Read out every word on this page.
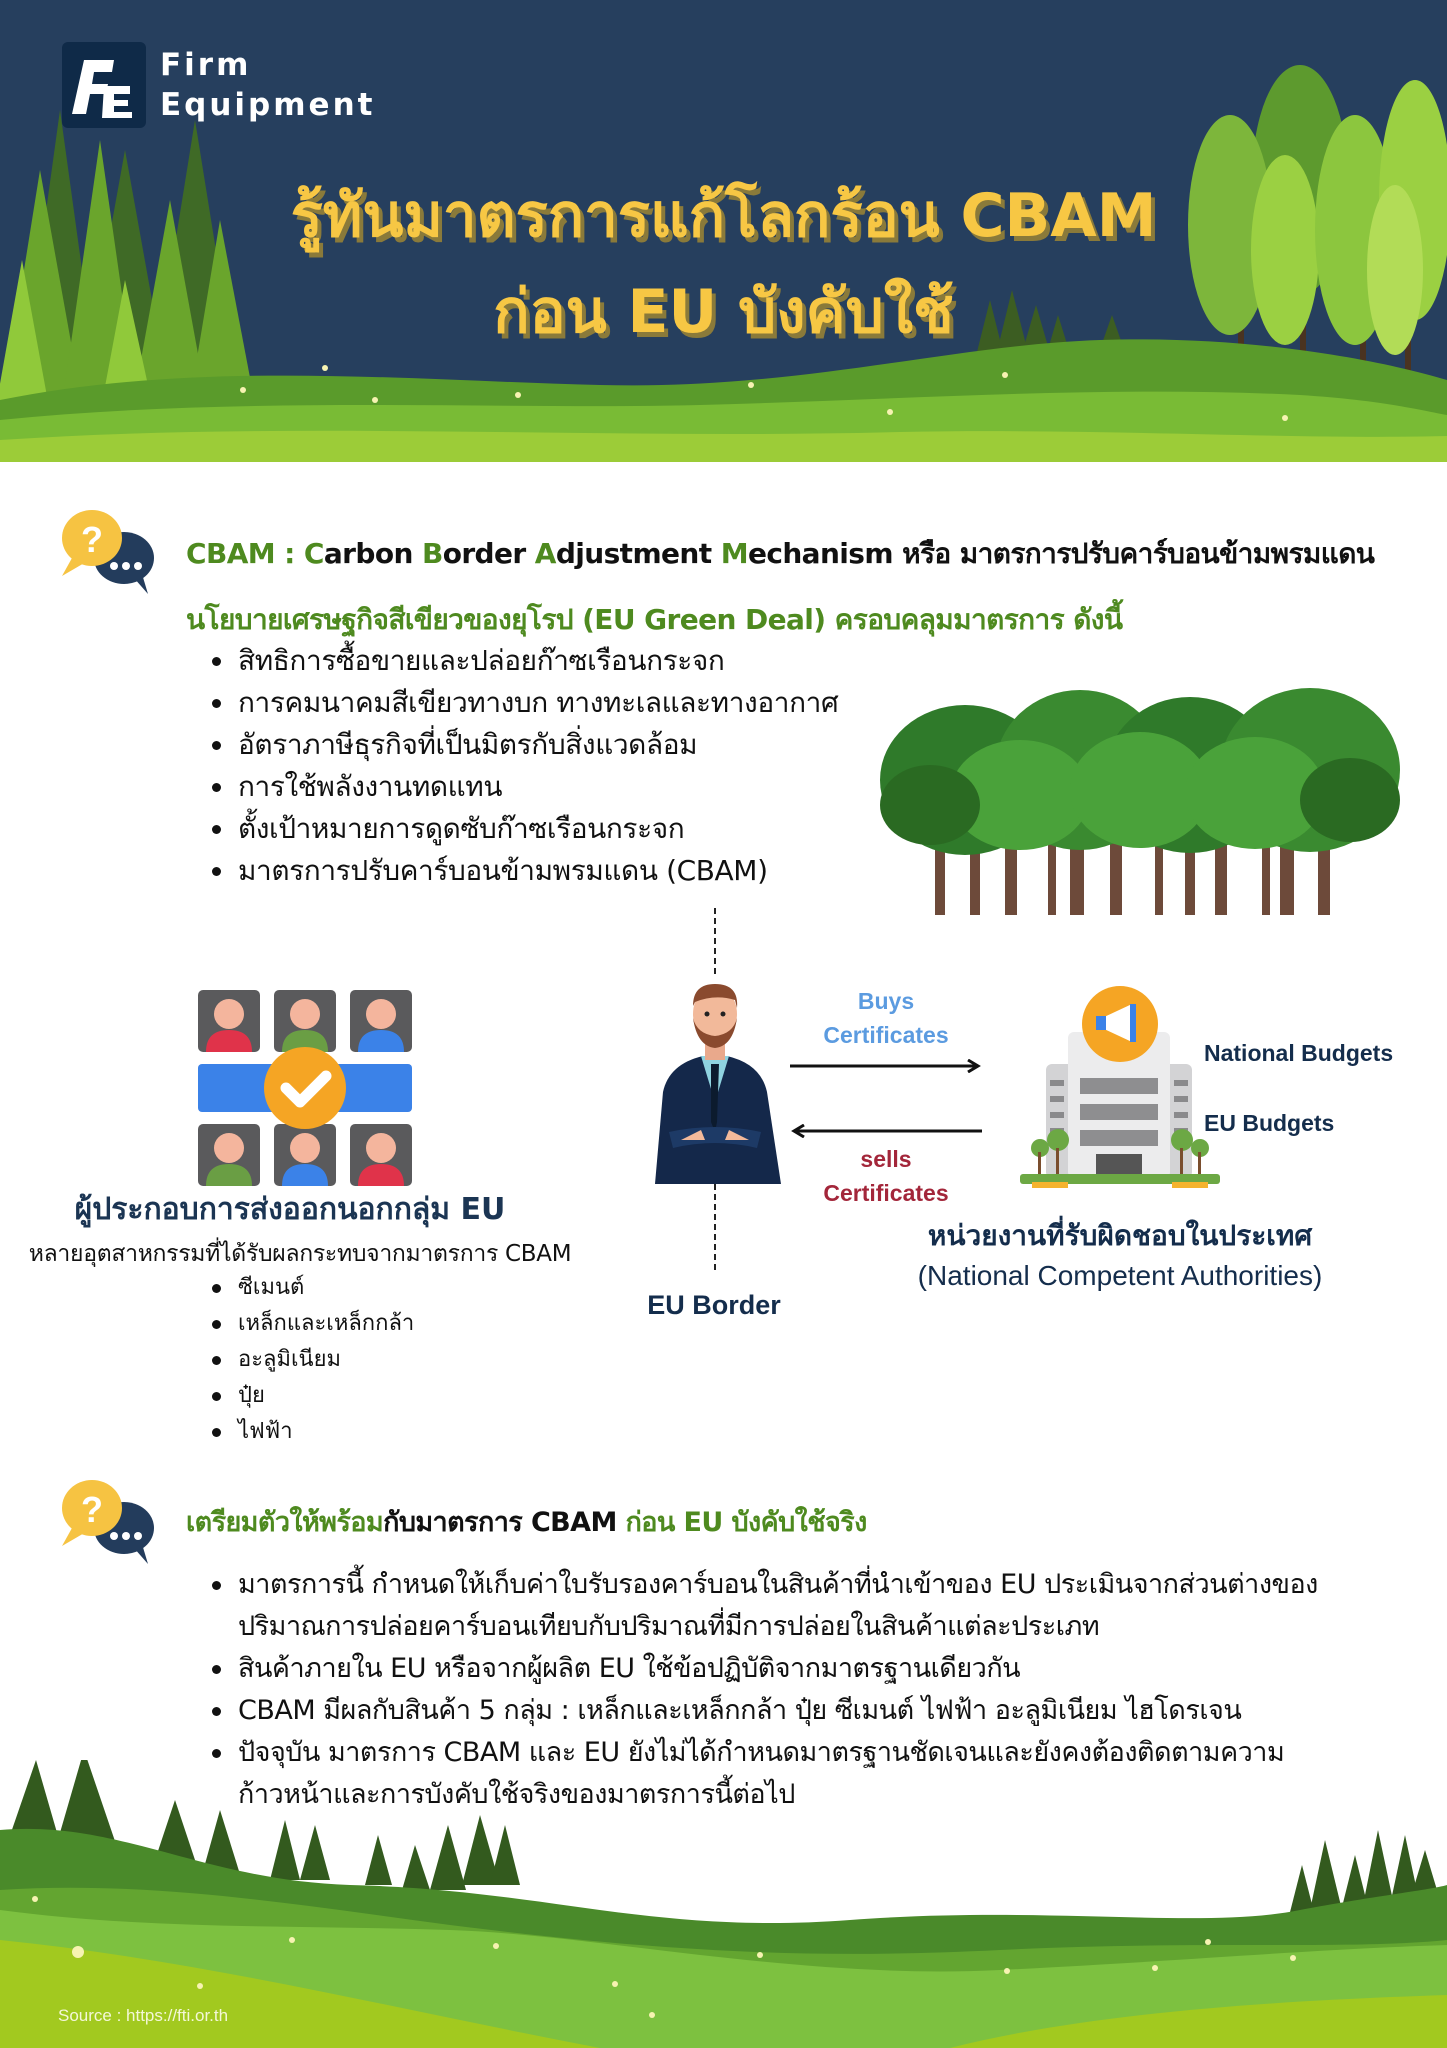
Firm
Equipment
รู้ทันมาตรการแก้โลกร้อน CBAM
ก่อน EU บังคับใช้
?	CBAM : Carbon Border Adjustment Mechanism หรือ มาตรการปรับคาร์บอนข้ามพรมแดน
นโยบายเศรษฐกิจสีเขียวของยุโรป (EU Green Deal) ครอบคลุมมาตรการ ดังนี้
สิทธิการซื้อขายและปล่อยก๊าซเรือนกระจก
การคมนาคมสีเขียวทางบก ทางทะเลและทางอากาศ
อัตราภาษีธุรกิจที่เป็นมิตรกับสิ่งแวดล้อม
การใช้พลังงานทดแทน
ตั้งเป้าหมายการดูดซับก๊าซเรือนกระจก
มาตรการปรับคาร์บอนข้ามพรมแดน (CBAM)
ผู้ประกอบการส่งออกนอกกลุ่ม EU
หลายอุตสาหกรรมที่ได้รับผลกระทบจากมาตรการ CBAM
ซีเมนต์
เหล็กและเหล็กกล้า
อะลูมิเนียม
ปุ๋ย
ไฟฟ้า
Buys
Certificates
sells
Certificates
National Budgets
EU Budgets
หน่วยงานที่รับผิดชอบในประเทศ
(National Competent Authorities)
EU Border
?	เตรียมตัวให้พร้อมกับมาตรการ CBAM ก่อน EU บังคับใช้จริง
มาตรการนี้ กำหนดให้เก็บค่าใบรับรองคาร์บอนในสินค้าที่นำเข้าของ EU ประเมินจากส่วนต่างของปริมาณการปล่อยคาร์บอนเทียบกับปริมาณที่มีการปล่อยในสินค้าแต่ละประเภท
สินค้าภายใน EU หรือจากผู้ผลิต EU ใช้ข้อปฏิบัติจากมาตรฐานเดียวกัน
CBAM มีผลกับสินค้า 5 กลุ่ม : เหล็กและเหล็กกล้า ปุ๋ย ซีเมนต์ ไฟฟ้า อะลูมิเนียม ไฮโดรเจน
ปัจจุบัน มาตรการ CBAM และ EU ยังไม่ได้กำหนดมาตรฐานชัดเจนและยังคงต้องติดตามความก้าวหน้าและการบังคับใช้จริงของมาตรการนี้ต่อไป
Source : https://fti.or.th
